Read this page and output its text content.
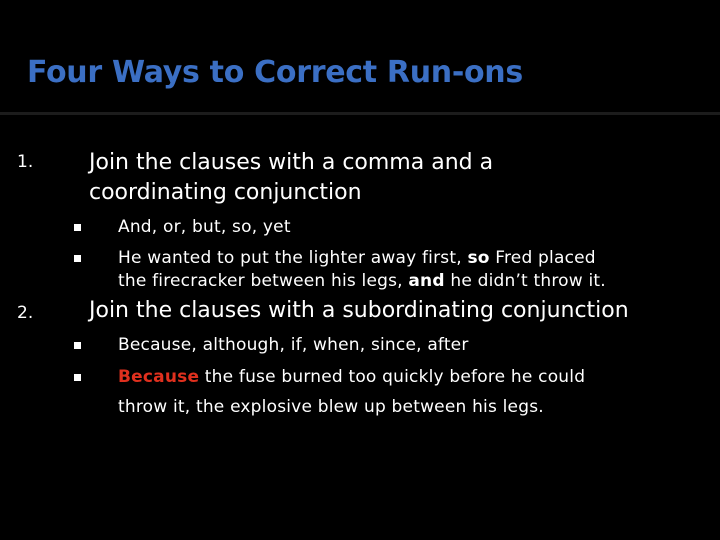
Four Ways to Correct Run-ons
1.	Join the clauses with a comma and a
coordinating conjunction
And, or, but, so, yet
He wanted to put the lighter away first, so Fred placed
the firecracker between his legs, and he didn’t throw it.
2.	Join the clauses with a subordinating conjunction
Because, although, if, when, since, after
Because the fuse burned too quickly before he could
throw it, the explosive blew up between his legs.
